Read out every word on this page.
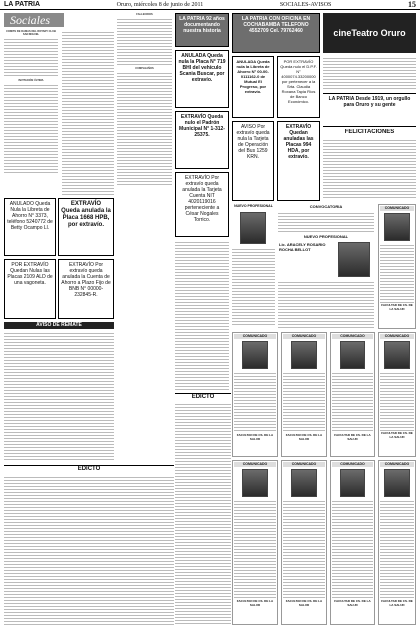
LA PATRIA	Oruro, miércoles 8 de junio de 2011	SOCIALES-AVISOS	15
Sociales

COMITÉ DE DAMAS DEL ROTARY CLUB SAN MIGUEL

INVITACIÓN ÚLTIMA

FALLECIDOS

CUMPLEAÑOS

ANULADO Queda Nula la Libreta de Ahorro N° 3373, teléfono 5240772 de Betty Ocampo Ll.
EXTRAVÍO Queda anulada la Placa 1668 HPB, por extravío.
POR EXTRAVÍO Quedan Nulas las Placas 2109 ALD de una vagoneta.
EXTRAVÍO Por extravío queda anulada la Cuenta de Ahorro a Plazo Fijo de BNB N° 00000-232845-R.
AVISO DE REMATE
EDICTO
LA PATRIA 92 años documentando nuestra historia
ANULADA Queda nula la Placa N° 719 BHI del vehículo Scania Buscar, por extravío.
EXTRAVÍO Queda nulo el Padrón Municipal N° 1-312-25375.
EXTRAVÍO Por extravío queda anulada la Tarjeta Cuenta NIT 4020119016 perteneciente a César Nogales Torrico.
LA PATRIA CON OFICINA EN COCHABAMBA TELEFONO 4552709 Cel. 79762460
ANULADA Queda nula la Libreta de Ahorro N° 00-00-0111162-0 de Mutual El Progreso, por extravío.
POR EXTRAVÍO Queda nulo el D.P.F. N° 4000074.33200000 por pertenecer a la Srta. Claudia Roxana Tapia Ríos de Banco Económico.
AVISO Por extravío queda nula la Tarjeta de Operación del Bus 1259 KRN.
EXTRAVÍO Quedan anuladas las Placas 994 HDA, por extravío.
cineTeatro Oruro
LA PATRIA Desde 1919, un orgullo para Oruro y su gente
FELICITACIONES
NUEVO PROFESIONAL	CONVOCATORIA
NUEVO PROFESIONAL
Lic. ARACELY ROSARIO ROCHA BELLOT
COMUNICADO
FACULTAD DE CS. DE LA SALUD
COMUNICADO
FACULTAD DE CS. DE LA SALUD
COMUNICADO
FACULTAD DE CS. DE LA SALUD
EDICTO
COMUNICADO
FACULTAD DE CS. DE LA SALUD
COMUNICADO
FACULTAD DE CS. DE LA SALUD
COMUNICADO
FACULTAD DE CS. DE LA SALUD
COMUNICADO
FACULTAD DE CS. DE LA SALUD
COMUNICADO
FACULTAD DE CS. DE LA SALUD
COMUNICADO
FACULTAD DE CS. DE LA SALUD
